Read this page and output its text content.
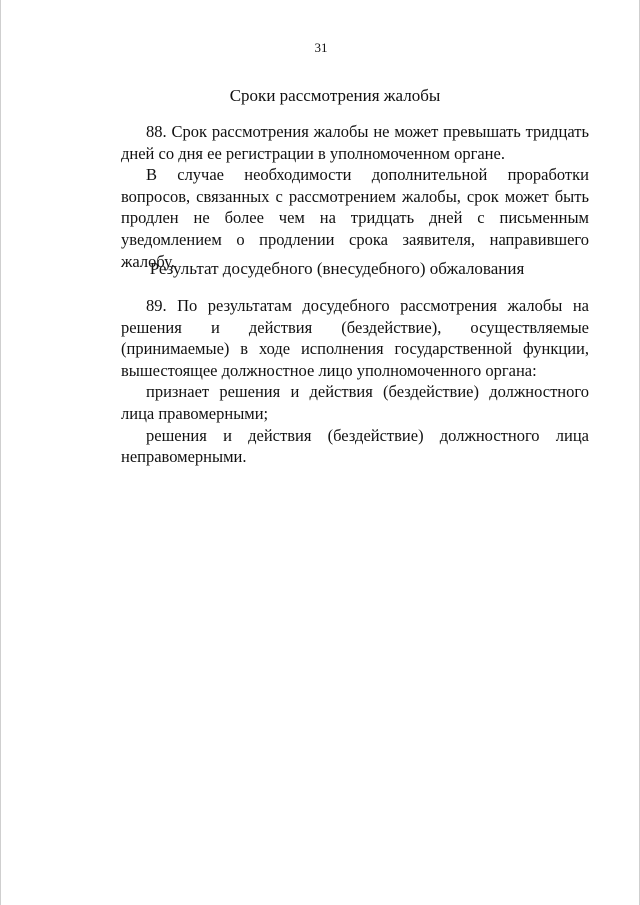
31
Сроки рассмотрения жалобы

88. Срок рассмотрения жалобы не может превышать тридцать дней со дня ее регистрации в уполномоченном органе.

В случае необходимости дополнительной проработки вопросов, связанных с рассмотрением жалобы, срок может быть продлен не более чем на тридцать дней с письменным уведомлением о продлении срока заявителя, направившего жалобу.

Результат досудебного (внесудебного) обжалования

89. По результатам досудебного рассмотрения жалобы на решения и действия (бездействие), осуществляемые (принимаемые) в ходе исполнения государственной функции, вышестоящее должностное лицо уполномоченного органа:

признает решения и действия (бездействие) должностного лица правомерными;

решения и действия (бездействие) должностного лица неправомерными.
